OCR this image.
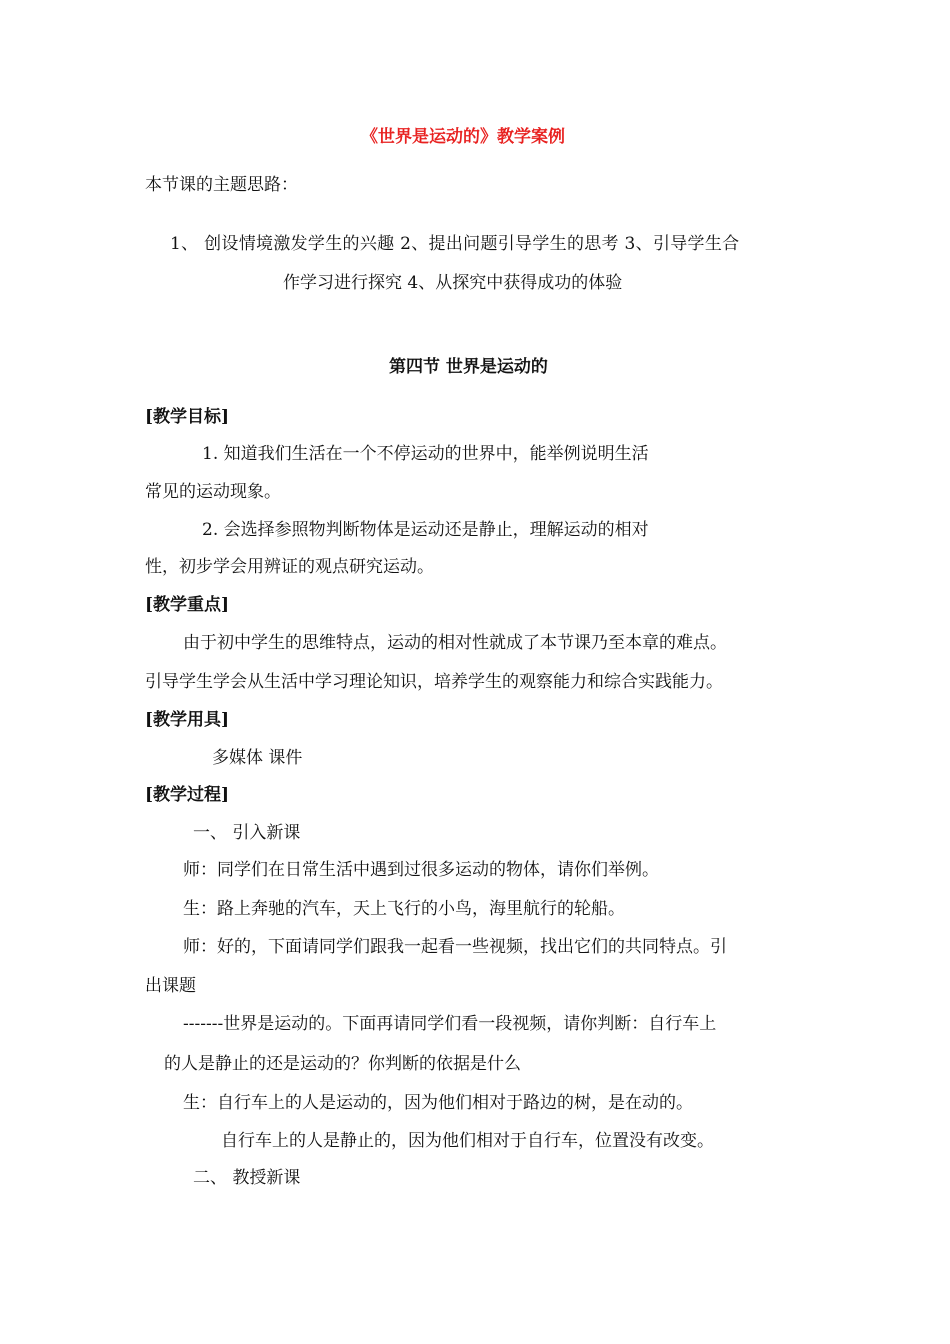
《世界是运动的》教学案例
本节课的主题思路：
1、 创设情境激发学生的兴趣 2、提出问题引导学生的思考 3、引导学生合
作学习进行探究 4、从探究中获得成功的体验
第四节 世界是运动的
[教学目标]
1. 知道我们生活在一个不停运动的世界中，能举例说明生活
常见的运动现象。
2. 会选择参照物判断物体是运动还是静止，理解运动的相对
性，初步学会用辨证的观点研究运动。
[教学重点]
由于初中学生的思维特点，运动的相对性就成了本节课乃至本章的难点。
引导学生学会从生活中学习理论知识，培养学生的观察能力和综合实践能力。
[教学用具]
多媒体 课件
[教学过程]
一、 引入新课
师：同学们在日常生活中遇到过很多运动的物体，请你们举例。
生：路上奔驰的汽车，天上飞行的小鸟，海里航行的轮船。
师：好的，下面请同学们跟我一起看一些视频，找出它们的共同特点。引
出课题
-------世界是运动的。下面再请同学们看一段视频，请你判断：自行车上
的人是静止的还是运动的？你判断的依据是什么
生：自行车上的人是运动的，因为他们相对于路边的树，是在动的。
自行车上的人是静止的，因为他们相对于自行车，位置没有改变。
二、 教授新课
